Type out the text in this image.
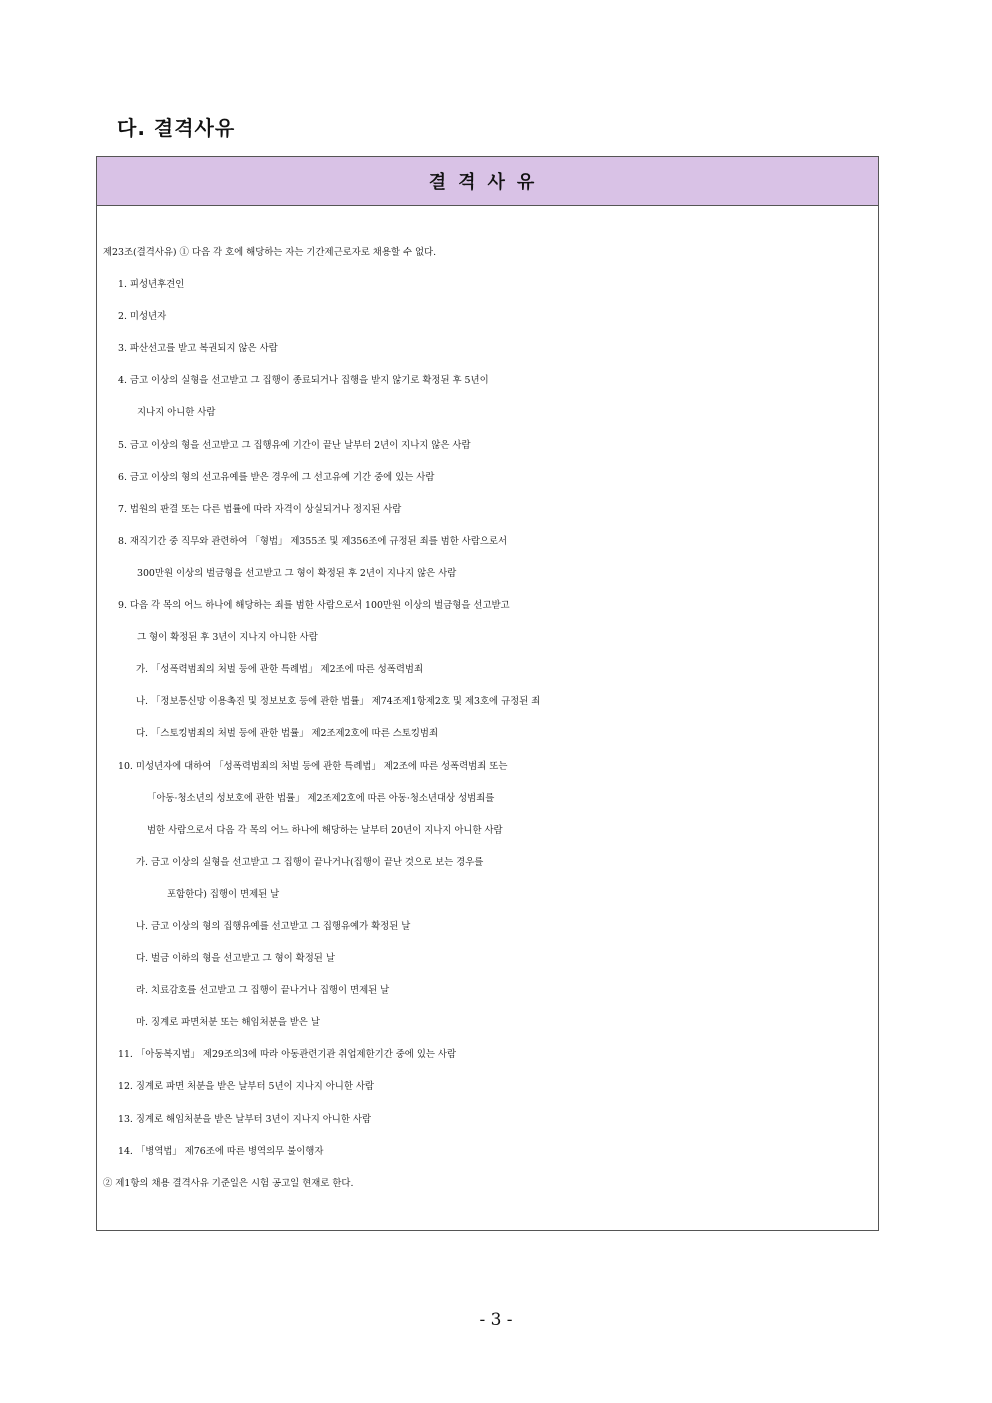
다. 결격사유
결격사유
제23조(결격사유) ① 다음 각 호에 해당하는 자는 기간제근로자로 채용할 수 없다.
1. 피성년후견인
2. 미성년자
3. 파산선고를 받고 복권되지 않은 사람
4. 금고 이상의 실형을 선고받고 그 집행이 종료되거나 집행을 받지 않기로 확정된 후 5년이
지나지 아니한 사람
5. 금고 이상의 형을 선고받고 그 집행유예 기간이 끝난 날부터 2년이 지나지 않은 사람
6. 금고 이상의 형의 선고유예를 받은 경우에 그 선고유예 기간 중에 있는 사람
7. 법원의 판결 또는 다른 법률에 따라 자격이 상실되거나 정지된 사람
8. 재직기간 중 직무와 관련하여 「형법」 제355조 및 제356조에 규정된 죄를 범한 사람으로서
300만원 이상의 벌금형을 선고받고 그 형이 확정된 후 2년이 지나지 않은 사람
9. 다음 각 목의 어느 하나에 해당하는 죄를 범한 사람으로서 100만원 이상의 벌금형을 선고받고
그 형이 확정된 후 3년이 지나지 아니한 사람
가. 「성폭력범죄의 처벌 등에 관한 특례법」 제2조에 따른 성폭력범죄
나. 「정보통신망 이용촉진 및 정보보호 등에 관한 법률」 제74조제1항제2호 및 제3호에 규정된 죄
다. 「스토킹범죄의 처벌 등에 관한 법률」 제2조제2호에 따른 스토킹범죄
10. 미성년자에 대하여 「성폭력범죄의 처벌 등에 관한 특례법」 제2조에 따른 성폭력범죄 또는
「아동·청소년의 성보호에 관한 법률」 제2조제2호에 따른 아동·청소년대상 성범죄를
범한 사람으로서 다음 각 목의 어느 하나에 해당하는 날부터 20년이 지나지 아니한 사람
가. 금고 이상의 실형을 선고받고 그 집행이 끝나거나(집행이 끝난 것으로 보는 경우를
포함한다) 집행이 면제된 날
나. 금고 이상의 형의 집행유예를 선고받고 그 집행유예가 확정된 날
다. 벌금 이하의 형을 선고받고 그 형이 확정된 날
라. 치료감호를 선고받고 그 집행이 끝나거나 집행이 면제된 날
마. 징계로 파면처분 또는 해임처분을 받은 날
11. 「아동복지법」 제29조의3에 따라 아동관련기관 취업제한기간 중에 있는 사람
12. 징계로 파면 처분을 받은 날부터 5년이 지나지 아니한 사람
13. 징계로 해임처분을 받은 날부터 3년이 지나지 아니한 사람
14. 「병역법」 제76조에 따른 병역의무 불이행자
② 제1항의 채용 결격사유 기준일은 시험 공고일 현재로 한다.
- 3 -
